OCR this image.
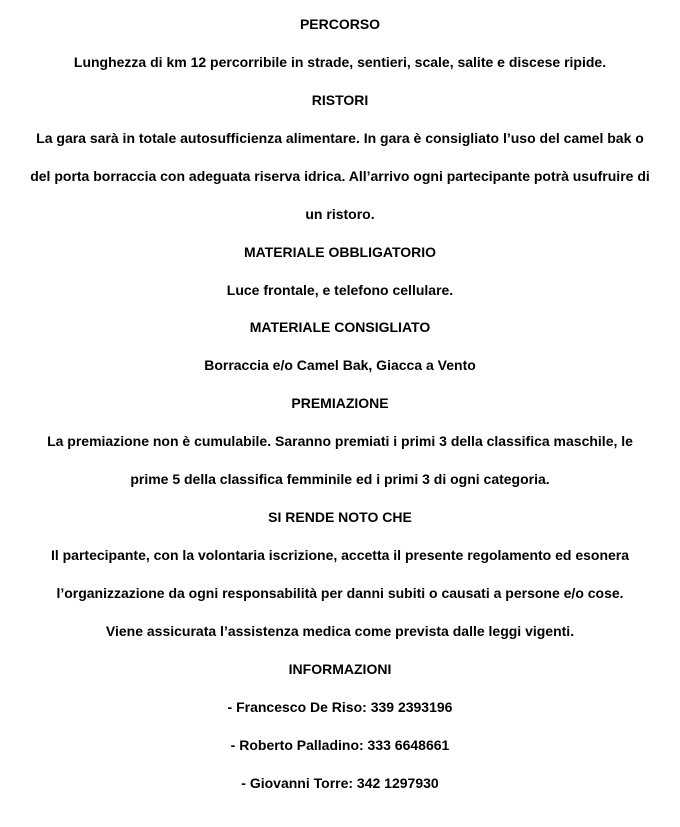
PERCORSO
Lunghezza di km 12 percorribile in strade, sentieri, scale, salite e discese ripide.
RISTORI
La gara sarà in totale autosufficienza alimentare. In gara è consigliato l’uso del camel bak o
del porta borraccia con adeguata riserva idrica. All’arrivo ogni partecipante potrà usufruire di
un ristoro.
MATERIALE OBBLIGATORIO
Luce frontale, e telefono cellulare.
MATERIALE CONSIGLIATO
Borraccia e/o Camel Bak, Giacca a Vento
PREMIAZIONE
La premiazione non è cumulabile. Saranno premiati i primi 3 della classifica maschile, le
prime 5 della classifica femminile ed i primi 3 di ogni categoria.
SI RENDE NOTO CHE
Il partecipante, con la volontaria iscrizione, accetta il presente regolamento ed esonera
l’organizzazione da ogni responsabilità per danni subiti o causati a persone e/o cose.
Viene assicurata l’assistenza medica come prevista dalle leggi vigenti.
INFORMAZIONI
- Francesco De Riso: 339 2393196
- Roberto Palladino: 333 6648661
- Giovanni Torre: 342 1297930
